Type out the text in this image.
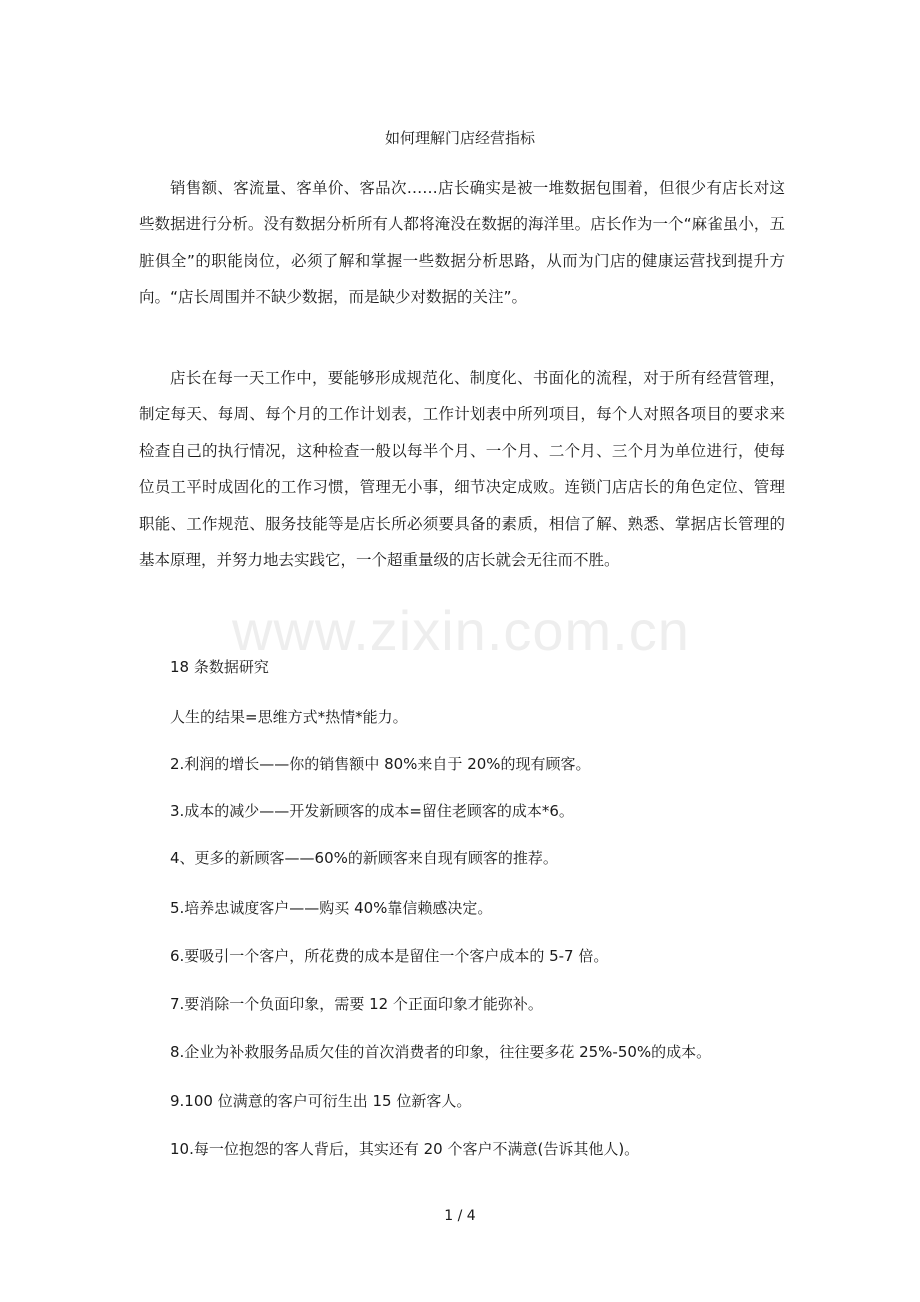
如何理解门店经营指标

销售额、客流量、客单价、客品次……店长确实是被一堆数据包围着，但很少有店长对这些数据进行分析。没有数据分析所有人都将淹没在数据的海洋里。店长作为一个“麻雀虽小，五脏俱全”的职能岗位，必须了解和掌握一些数据分析思路，从而为门店的健康运营找到提升方向。“店长周围并不缺少数据，而是缺少对数据的关注”。

店长在每一天工作中，要能够形成规范化、制度化、书面化的流程，对于所有经营管理，制定每天、每周、每个月的工作计划表，工作计划表中所列项目，每个人对照各项目的要求来检查自己的执行情况，这种检查一般以每半个月、一个月、二个月、三个月为单位进行，使每位员工平时成固化的工作习惯，管理无小事，细节决定成败。连锁门店店长的角色定位、管理职能、工作规范、服务技能等是店长所必须要具备的素质，相信了解、熟悉、掌据店长管理的基本原理，并努力地去实践它，一个超重量级的店长就会无往而不胜。

18 条数据研究
人生的结果=思维方式*热情*能力。
2.利润的增长——你的销售额中 80%来自于 20%的现有顾客。
3.成本的减少——开发新顾客的成本=留住老顾客的成本*6。
4、更多的新顾客——60%的新顾客来自现有顾客的推荐。
5.培养忠诚度客户——购买 40%靠信赖感决定。
6.要吸引一个客户，所花费的成本是留住一个客户成本的 5-7 倍。
7.要消除一个负面印象，需要 12 个正面印象才能弥补。
8.企业为补救服务品质欠佳的首次消费者的印象，往往要多花 25%-50%的成本。
9.100 位满意的客户可衍生出 15 位新客人。
10.每一位抱怨的客人背后，其实还有 20 个客户不满意(告诉其他人)。
www.zixin.com.cn
1 / 4
